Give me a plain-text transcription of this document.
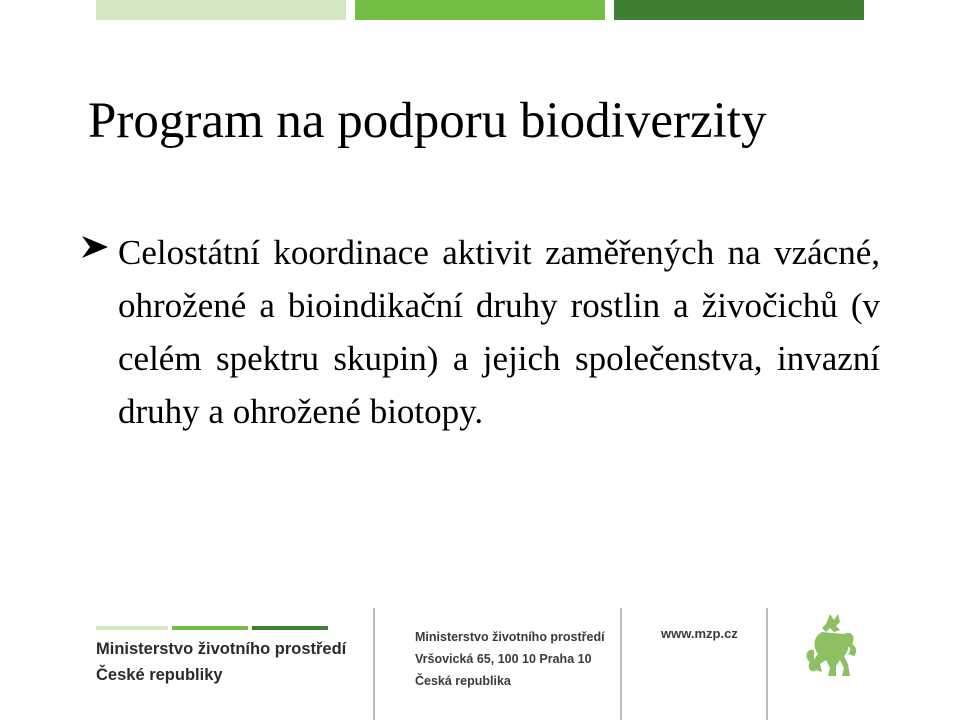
Program na podporu biodiverzity
Celostátní koordinace aktivit zaměřených na vzácné, ohrožené a bioindikační druhy rostlin a živočichů (v celém spektru skupin) a jejich společenstva, invazní druhy a ohrožené biotopy.
Ministerstvo životního prostředí
České republiky
Ministerstvo životního prostředí
Vršovická 65, 100 10 Praha 10
Česká republika
www.mzp.cz
